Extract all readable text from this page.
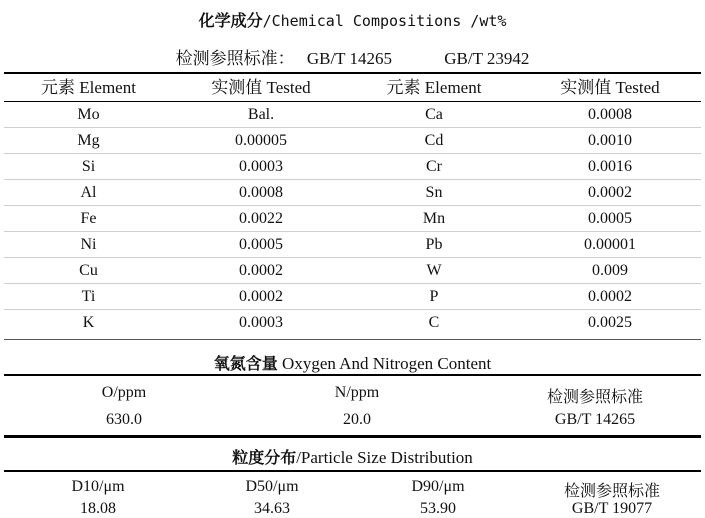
化学成分/Chemical Compositions /wt%
检测参照标准： GB/T 14265	GB/T 23942
元素 Element	实测值 Tested	元素 Element	实测值 Tested
Mo	Bal.	Ca	0.0008
Mg	0.00005	Cd	0.0010
Si	0.0003	Cr	0.0016
Al	0.0008	Sn	0.0002
Fe	0.0022	Mn	0.0005
Ni	0.0005	Pb	0.00001
Cu	0.0002	W	0.009
Ti	0.0002	P	0.0002
K	0.0003	C	0.0025
氧氮含量 Oxygen And Nitrogen Content
O/ppm	N/ppm	检测参照标准
630.0	20.0	GB/T 14265
粒度分布/Particle Size Distribution
D10/μm	D50/μm	D90/μm	检测参照标准
18.08	34.63	53.90	GB/T 19077
